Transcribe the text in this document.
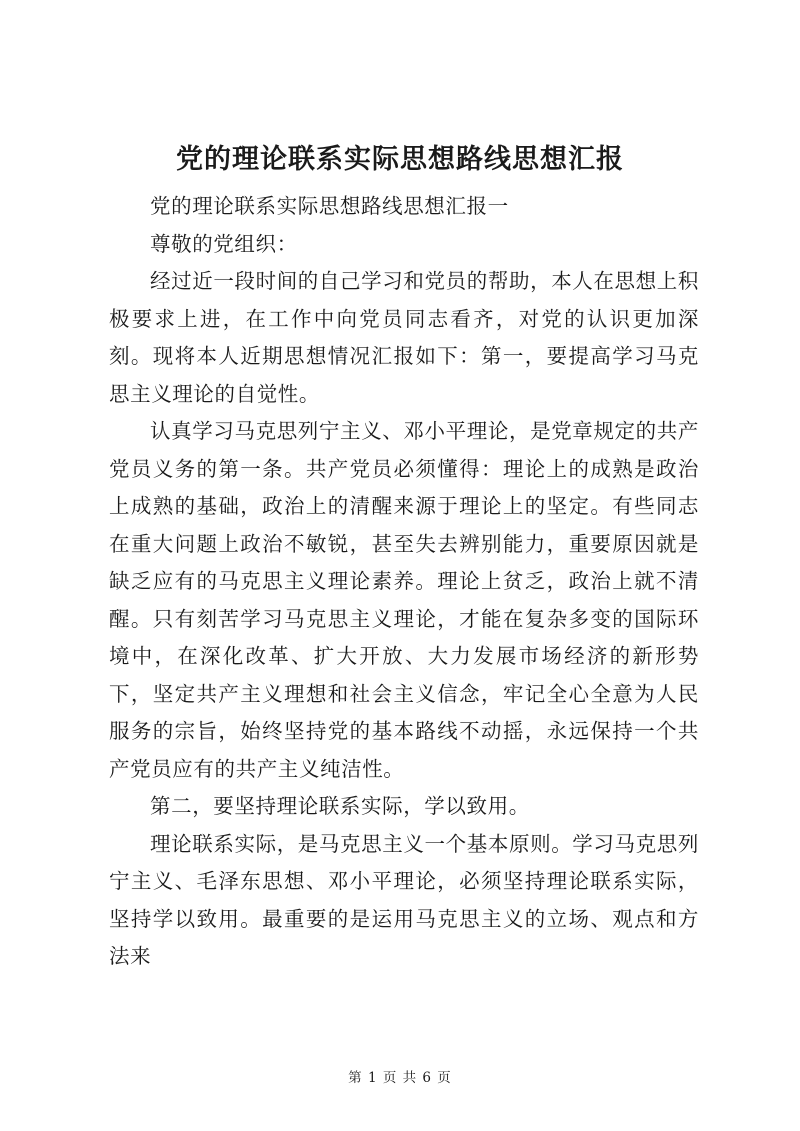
党的理论联系实际思想路线思想汇报

党的理论联系实际思想路线思想汇报一

尊敬的党组织：

经过近一段时间的自己学习和党员的帮助，本人在思想上积极要求上进，在工作中向党员同志看齐，对党的认识更加深刻。现将本人近期思想情况汇报如下：第一，要提高学习马克思主义理论的自觉性。

认真学习马克思列宁主义、邓小平理论，是党章规定的共产党员义务的第一条。共产党员必须懂得：理论上的成熟是政治上成熟的基础，政治上的清醒来源于理论上的坚定。有些同志在重大问题上政治不敏锐，甚至失去辨别能力，重要原因就是缺乏应有的马克思主义理论素养。理论上贫乏，政治上就不清醒。只有刻苦学习马克思主义理论，才能在复杂多变的国际环境中，在深化改革、扩大开放、大力发展市场经济的新形势下，坚定共产主义理想和社会主义信念，牢记全心全意为人民服务的宗旨，始终坚持党的基本路线不动摇，永远保持一个共产党员应有的共产主义纯洁性。

第二，要坚持理论联系实际，学以致用。

理论联系实际，是马克思主义一个基本原则。学习马克思列宁主义、毛泽东思想、邓小平理论，必须坚持理论联系实际，坚持学以致用。最重要的是运用马克思主义的立场、观点和方法来

第 1 页 共 6 页
